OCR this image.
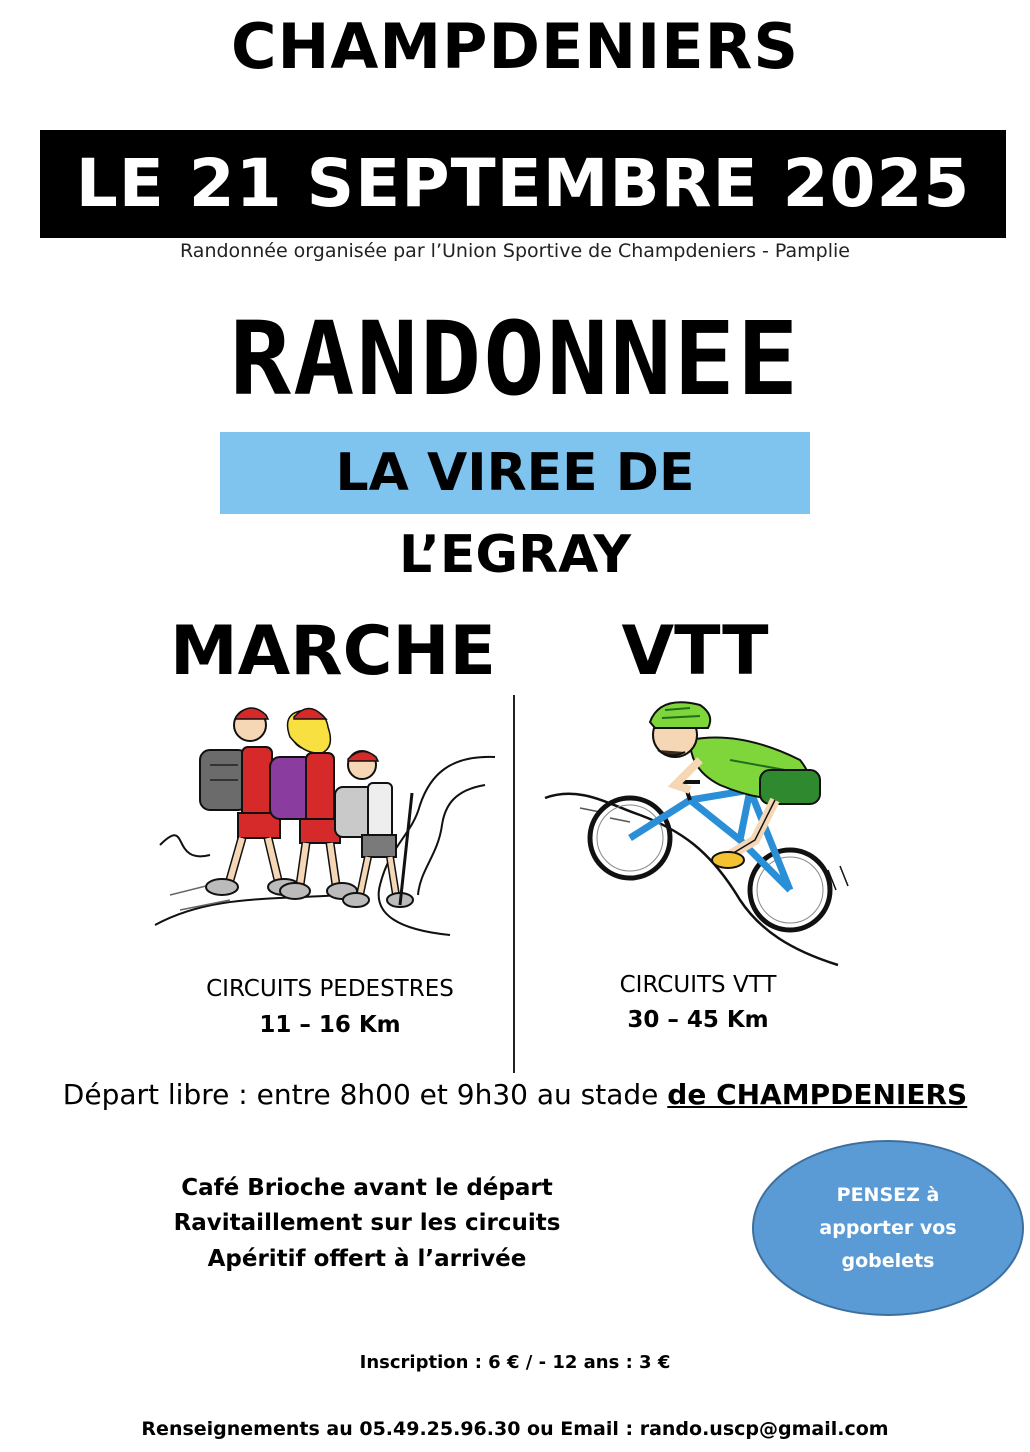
CHAMPDENIERS
LE 21 SEPTEMBRE 2025
Randonnée organisée par l’Union Sportive de Champdeniers - Pamplie
RANDONNEE
LA VIREE DE L’EGRAY
MARCHE VTT
CIRCUITS PEDESTRES
11 – 16 Km
CIRCUITS VTT
30 – 45 Km
Départ libre : entre 8h00 et 9h30 au stade de CHAMPDENIERS
Café Brioche avant le départ
Ravitaillement sur les circuits
Apéritif offert à l’arrivée
PENSEZ à
apporter vos
gobelets
Inscription : 6 € / - 12 ans : 3 €
Renseignements au 05.49.25.96.30 ou Email : rando.uscp@gmail.com
